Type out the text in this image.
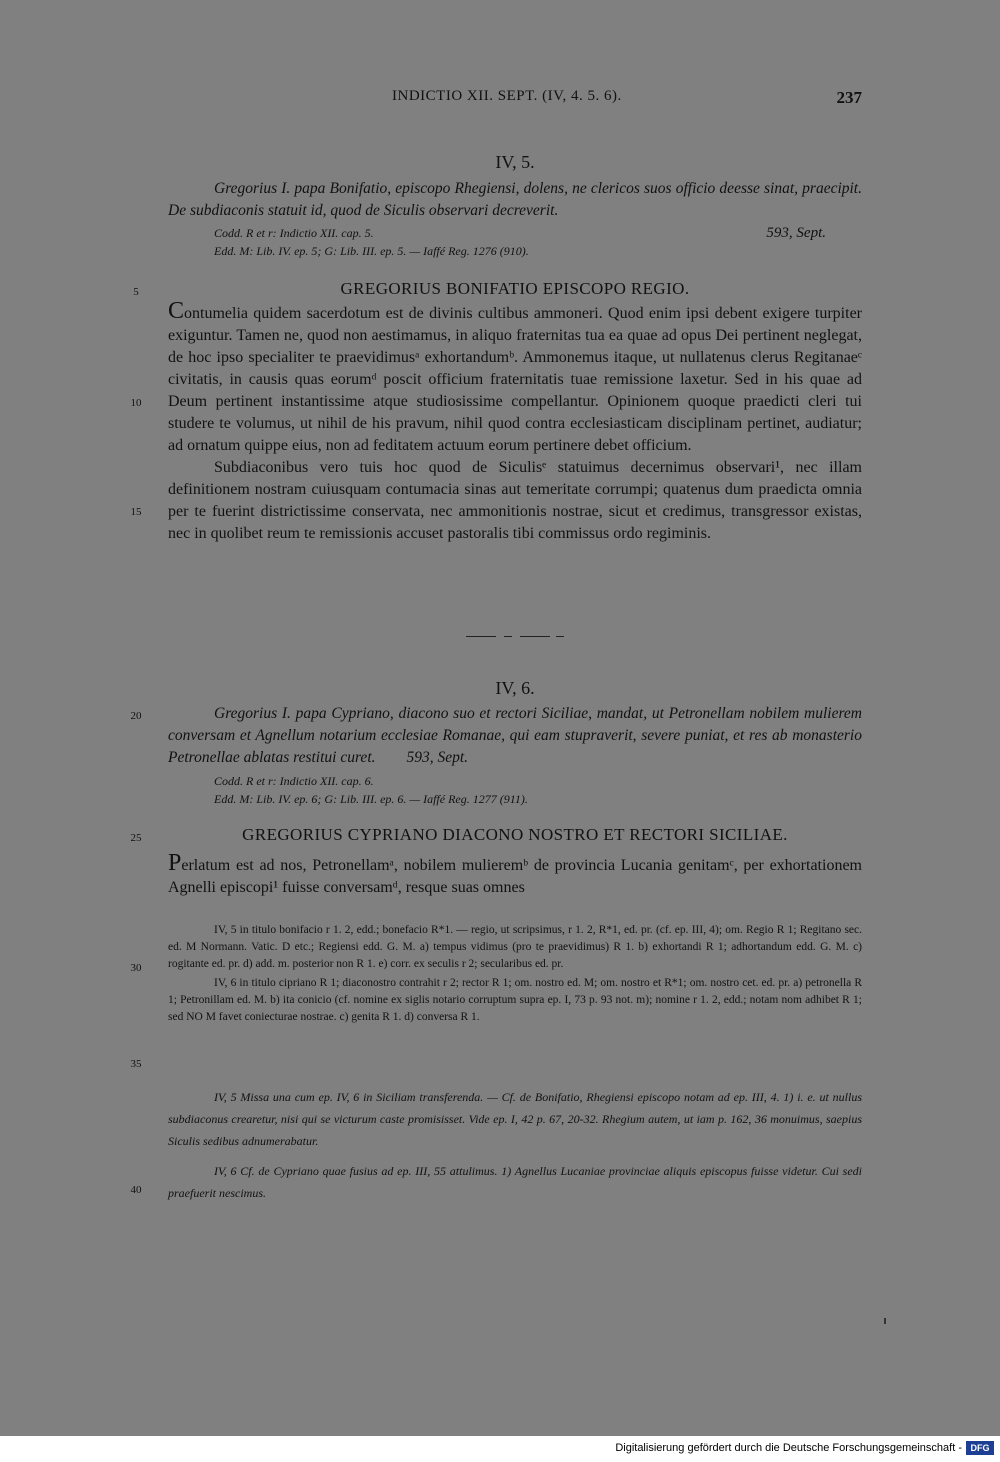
INDICTIO XII. SEPT. (IV, 4. 5. 6).	237
IV, 5.

Gregorius I. papa Bonifatio, episcopo Rhegiensi, dolens, ne clericos suos officio deesse sinat, praecipit. De subdiaconis statuit id, quod de Siculis observari decreverit.

Codd. R et r: Indictio XII. cap. 5.	593, Sept.
Edd. M: Lib. IV. ep. 5; G: Lib. III. ep. 5. — Iaffé Reg. 1276 (910).
GREGORIUS BONIFATIO EPISCOPO REGIO.

Contumelia quidem sacerdotum est de divinis cultibus ammoneri. Quod enim ipsi debent exigere turpiter exiguntur. Tamen ne, quod non aestimamus, in aliquo fraternitas tua ea quae ad opus Dei pertinent neglegat, de hoc ipso specialiter te praevidimusᵃ exhortandumᵇ. Ammonemus itaque, ut nullatenus clerus Regitanaeᶜ civitatis, in causis quas eorumᵈ poscit officium fraternitatis tuae remissione laxetur. Sed in his quae ad Deum pertinent instantissime atque studiosissime compellantur. Opinionem quoque praedicti cleri tui studere te volumus, ut nihil de his pravum, nihil quod contra ecclesiasticam disciplinam pertinet, audiatur; ad ornatum quippe eius, non ad feditatem actuum eorum pertinere debet officium.

Subdiaconibus vero tuis hoc quod de Siculisᵉ statuimus decernimus observari¹, nec illam definitionem nostram cuiusquam contumacia sinas aut temeritate corrumpi; quatenus dum praedicta omnia per te fuerint districtissime conservata, nec ammonitionis nostrae, sicut et credimus, transgressor existas, nec in quolibet reum te remissionis accuset pastoralis tibi commissus ordo regiminis.

IV, 6.

Gregorius I. papa Cypriano, diacono suo et rectori Siciliae, mandat, ut Petronellam nobilem mulierem conversam et Agnellum notarium ecclesiae Romanae, qui eam stupraverit, severe puniat, et res ab monasterio Petronellae ablatas restitui curet. 593, Sept.

Codd. R et r: Indictio XII. cap. 6.
Edd. M: Lib. IV. ep. 6; G: Lib. III. ep. 6. — Iaffé Reg. 1277 (911).
GREGORIUS CYPRIANO DIACONO NOSTRO ET RECTORI SICILIAE.

Perlatum est ad nos, Petronellamᵃ, nobilem mulieremᵇ de provincia Lucania genitamᶜ, per exhortationem Agnelli episcopi¹ fuisse conversamᵈ, resque suas omnes

5
10
15
20
25
30
35
40

IV, 5 in titulo bonifacio r 1. 2, edd.; bonefacio R*1. — regio, ut scripsimus, r 1. 2, R*1, ed. pr. (cf. ep. III, 4); om. Regio R 1; Regitano sec. ed. M Normann. Vatic. D etc.; Regiensi edd. G. M. a) tempus vidimus (pro te praevidimus) R 1. b) exhortandi R 1; adhortandum edd. G. M. c) rogitante ed. pr. d) add. m. posterior non R 1. e) corr. ex seculis r 2; secularibus ed. pr.

IV, 6 in titulo cipriano R 1; diaconostro contrahit r 2; rector R 1; om. nostro ed. M; om. nostro et R*1; om. nostro cet. ed. pr. a) petronella R 1; Petronillam ed. M. b) ita conicio (cf. nomine ex siglis notario corruptum supra ep. I, 73 p. 93 not. m); nomine r 1. 2, edd.; notam nom adhibet R 1; sed NO M favet coniecturae nostrae. c) genita R 1. d) conversa R 1.

IV, 5 Missa una cum ep. IV, 6 in Siciliam transferenda. — Cf. de Bonifatio, Rhegiensi episcopo notam ad ep. III, 4. 1) i. e. ut nullus subdiaconus crearetur, nisi qui se victurum caste promisisset. Vide ep. I, 42 p. 67, 20-32. Rhegium autem, ut iam p. 162, 36 monuimus, saepius Siculis sedibus adnumerabatur.

IV, 6 Cf. de Cypriano quae fusius ad ep. III, 55 attulimus. 1) Agnellus Lucaniae provinciae aliquis episcopus fuisse videtur. Cui sedi praefuerit nescimus.

Digitalisierung gefördert durch die Deutsche Forschungsgemeinschaft - DFG
